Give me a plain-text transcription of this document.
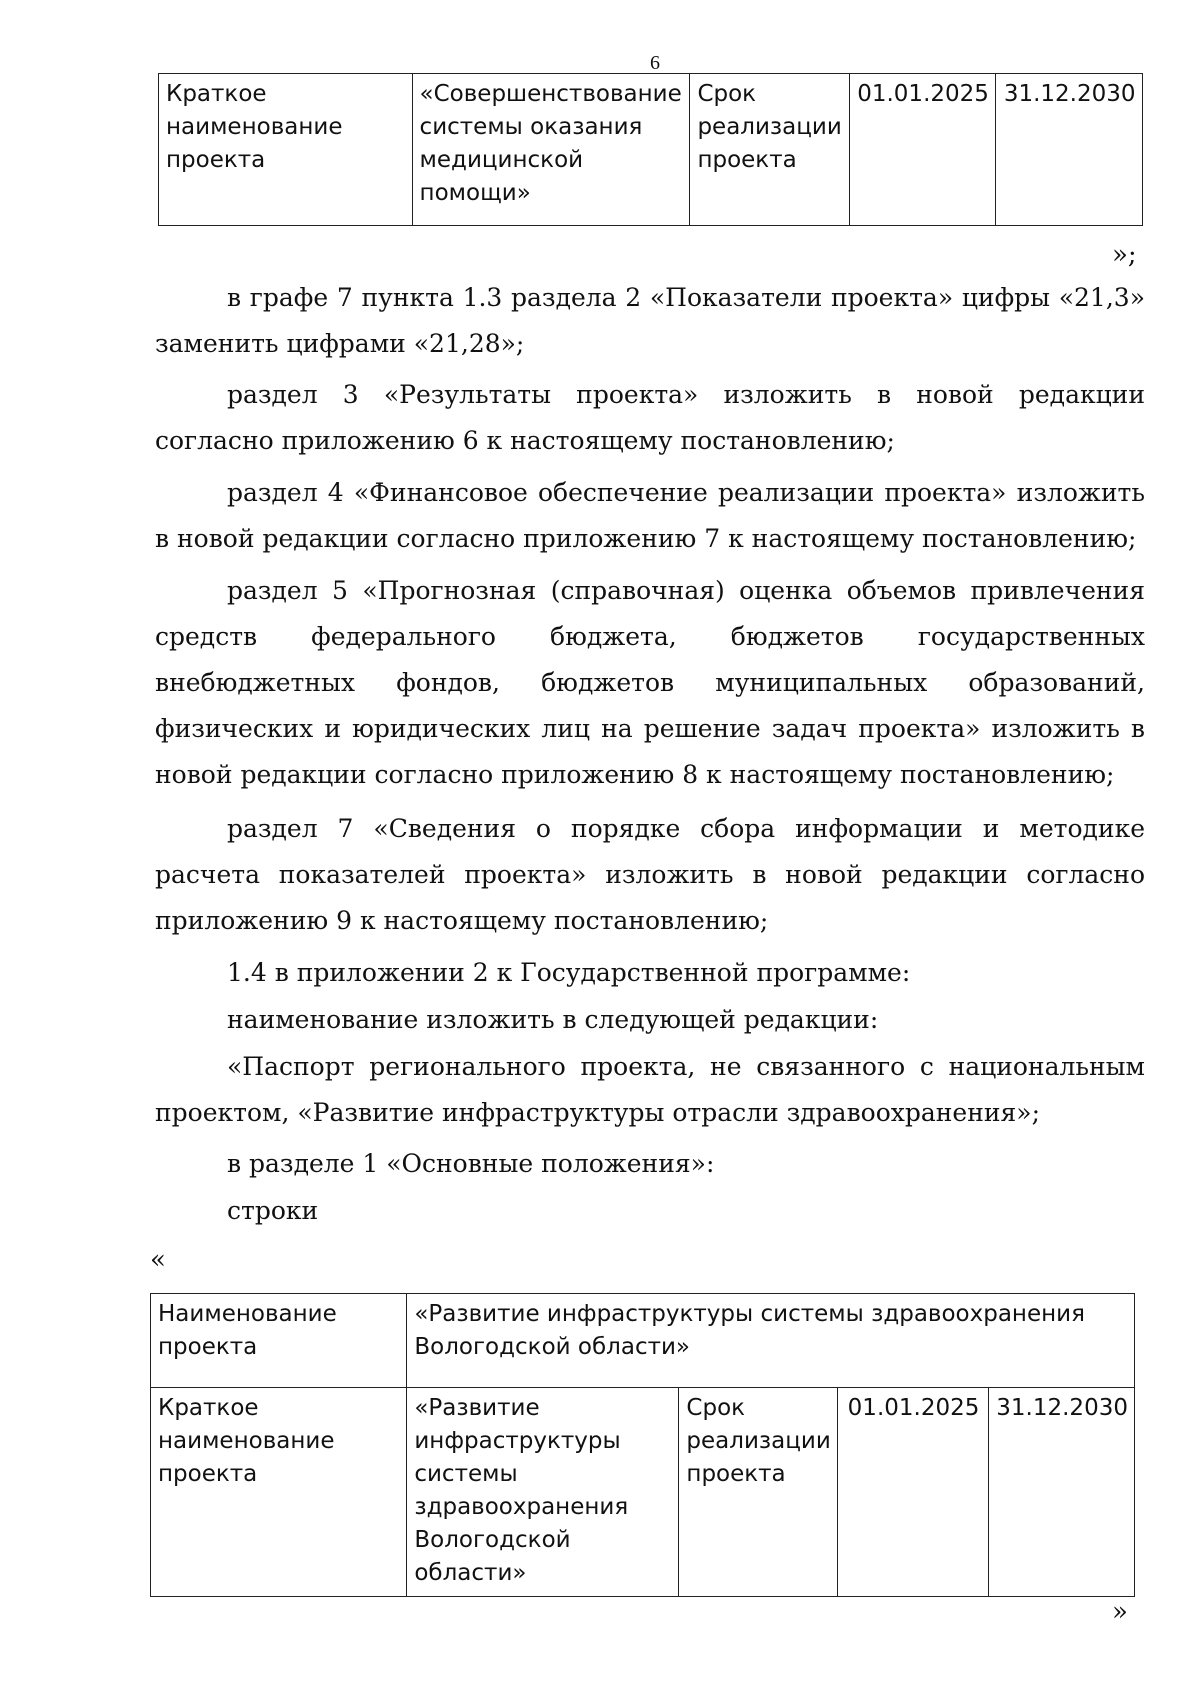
6
Краткое наименование проекта	«Совершенствование системы оказания медицинской помощи»	Срок реализации проекта	01.01.2025	31.12.2030
»;

в графе 7 пункта 1.3 раздела 2 «Показатели проекта» цифры «21,3» заменить цифрами «21,28»;

раздел 3 «Результаты проекта» изложить в новой редакции согласно приложению 6 к настоящему постановлению;

раздел 4 «Финансовое обеспечение реализации проекта» изложить в новой редакции согласно приложению 7 к настоящему постановлению;

раздел 5 «Прогнозная (справочная) оценка объемов привлечения средств федерального бюджета, бюджетов государственных внебюджетных фондов, бюджетов муниципальных образований, физических и юридических лиц на решение задач проекта» изложить в новой редакции согласно приложению 8 к настоящему постановлению;

раздел 7 «Сведения о порядке сбора информации и методике расчета показателей проекта» изложить в новой редакции согласно приложению 9 к настоящему постановлению;

1.4 в приложении 2 к Государственной программе:

наименование изложить в следующей редакции:

«Паспорт регионального проекта, не связанного с национальным проектом, «Развитие инфраструктуры отрасли здравоохранения»;

в разделе 1 «Основные положения»:

строки

«
Наименование проекта	«Развитие инфраструктуры системы здравоохранения Вологодской области»			
Краткое наименование проекта	«Развитие инфраструктуры системы здравоохранения Вологодской области»	Срок реализации проекта	01.01.2025	31.12.2030
»
